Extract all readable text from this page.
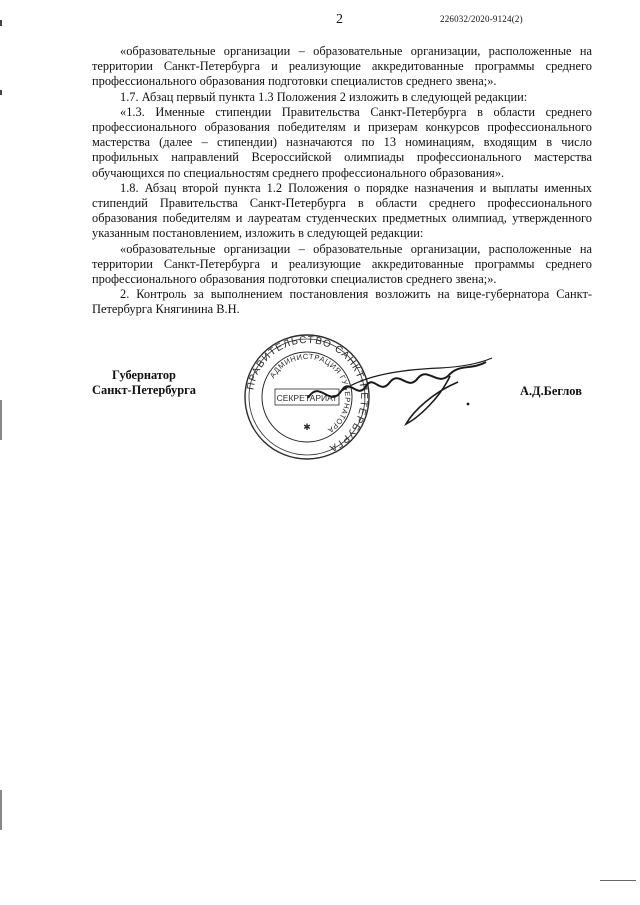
2	226032/2020-9124(2)

«образовательные организации – образовательные организации, расположенные на территории Санкт-Петербурга и реализующие аккредитованные программы среднего профессионального образования подготовки специалистов среднего звена;».

1.7. Абзац первый пункта 1.3 Положения 2 изложить в следующей редакции:

«1.3. Именные стипендии Правительства Санкт-Петербурга в области среднего профессионального образования победителям и призерам конкурсов профессионального мастерства (далее – стипендии) назначаются по 13 номинациям, входящим в число профильных направлений Всероссийской олимпиады профессионального мастерства обучающихся по специальностям среднего профессионального образования».

1.8. Абзац второй пункта 1.2 Положения о порядке назначения и выплаты именных стипендий Правительства Санкт-Петербурга в области среднего профессионального образования победителям и лауреатам студенческих предметных олимпиад, утвержденного указанным постановлением, изложить в следующей редакции:

«образовательные организации – образовательные организации, расположенные на территории Санкт-Петербурга и реализующие аккредитованные программы среднего профессионального образования подготовки специалистов среднего звена;».

2. Контроль за выполнением постановления возложить на вице-губернатора Санкт-Петербурга Княгинина В.Н.

Губернатор
Санкт-Петербурга	ПРАВИТЕЛЬСТВО САНКТ-ПЕТЕРБУРГА
АДМИНИСТРАЦИЯ ГУБЕРНАТОРА
СЕКРЕТАРИАТ
✱
А.Д.Беглов
